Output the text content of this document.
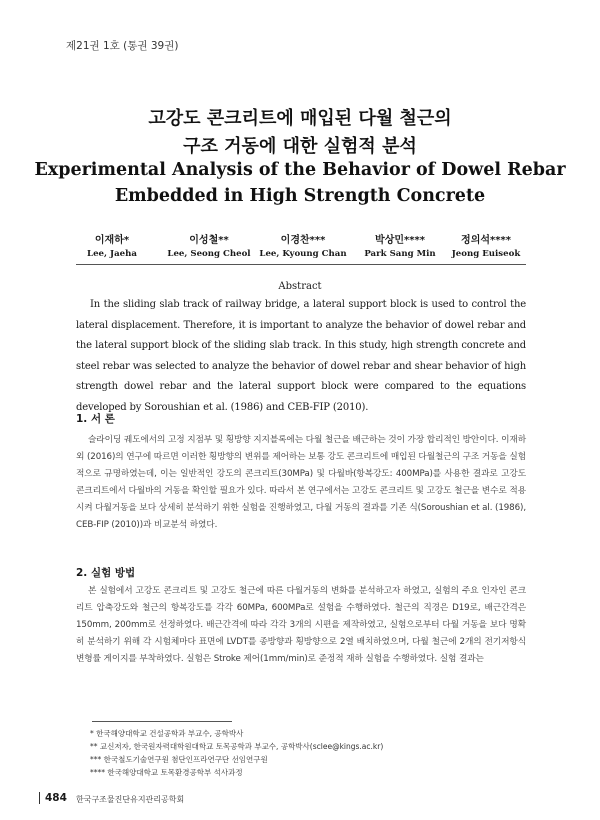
제21권 1호 (통권 39권)
고강도 콘크리트에 매입된 다월 철근의
구조 거동에 대한 실험적 분석
Experimental Analysis of the Behavior of Dowel Rebar
Embedded in High Strength Concrete
이재하*
Lee, Jaeha
이성철**
Lee, Seong Cheol
이경찬***
Lee, Kyoung Chan
박상민****
Park Sang Min
정의석****
Jeong Euiseok
Abstract

In the sliding slab track of railway bridge, a lateral support block is used to control the lateral displacement. Therefore, it is important to analyze the behavior of dowel rebar and the lateral support block of the sliding slab track. In this study, high strength concrete and steel rebar was selected to analyze the behavior of dowel rebar and shear behavior of high strength dowel rebar and the lateral support block were compared to the equations developed by Soroushian et al. (1986) and CEB-FIP (2010).

1. 서 론

슬라이딩 궤도에서의 고정 지점부 및 횡방향 지지블록에는 다월 철근을 배근하는 것이 가장 합리적인 방안이다. 이재하 외 (2016)의 연구에 따르면 이러한 횡방향의 변위를 제어하는 보통 강도 콘크리트에 매입된 다월철근의 구조 거동을 실험적으로 규명하였는데, 이는 일반적인 강도의 콘크리트(30MPa) 및 다월바(항복강도: 400MPa)를 사용한 결과로 고강도 콘크리트에서 다월바의 거동을 확인할 필요가 있다. 따라서 본 연구에서는 고강도 콘크리트 및 고강도 철근을 변수로 적용시켜 다월거동을 보다 상세히 분석하기 위한 실험을 진행하였고, 다월 거동의 결과를 기존 식(Soroushian et al. (1986), CEB-FIP (2010))과 비교분석 하였다.

2. 실험 방법

본 실험에서 고강도 콘크리트 및 고강도 철근에 따른 다월거동의 변화를 분석하고자 하였고, 실험의 주요 인자인 콘크리트 압축강도와 철근의 항복강도를 각각 60MPa, 600MPa로 설험을 수행하였다. 철근의 직경은 D19로, 배근간격은 150mm, 200mm로 선정하였다. 배근간격에 따라 각각 3개의 시편을 제작하였고, 실험으로부터 다월 거동을 보다 명확히 분석하기 위해 각 시험체마다 표면에 LVDT를 종방향과 횡방향으로 2열 배치하였으며, 다월 철근에 2개의 전기저항식 변형률 게이지를 부착하였다. 실험은 Stroke 제어(1mm/min)로 준정적 재하 실험을 수행하였다. 실험 결과는

* 한국해양대학교 건설공학과 부교수, 공학박사
** 교신저자, 한국원자력대학원대학교 토목공학과 부교수, 공학박사(sclee@kings.ac.kr)
*** 한국철도기술연구원 첨단인프라연구단 선임연구원
**** 한국해양대학교 토목환경공학부 석사과정
484 한국구조물진단유지관리공학회
